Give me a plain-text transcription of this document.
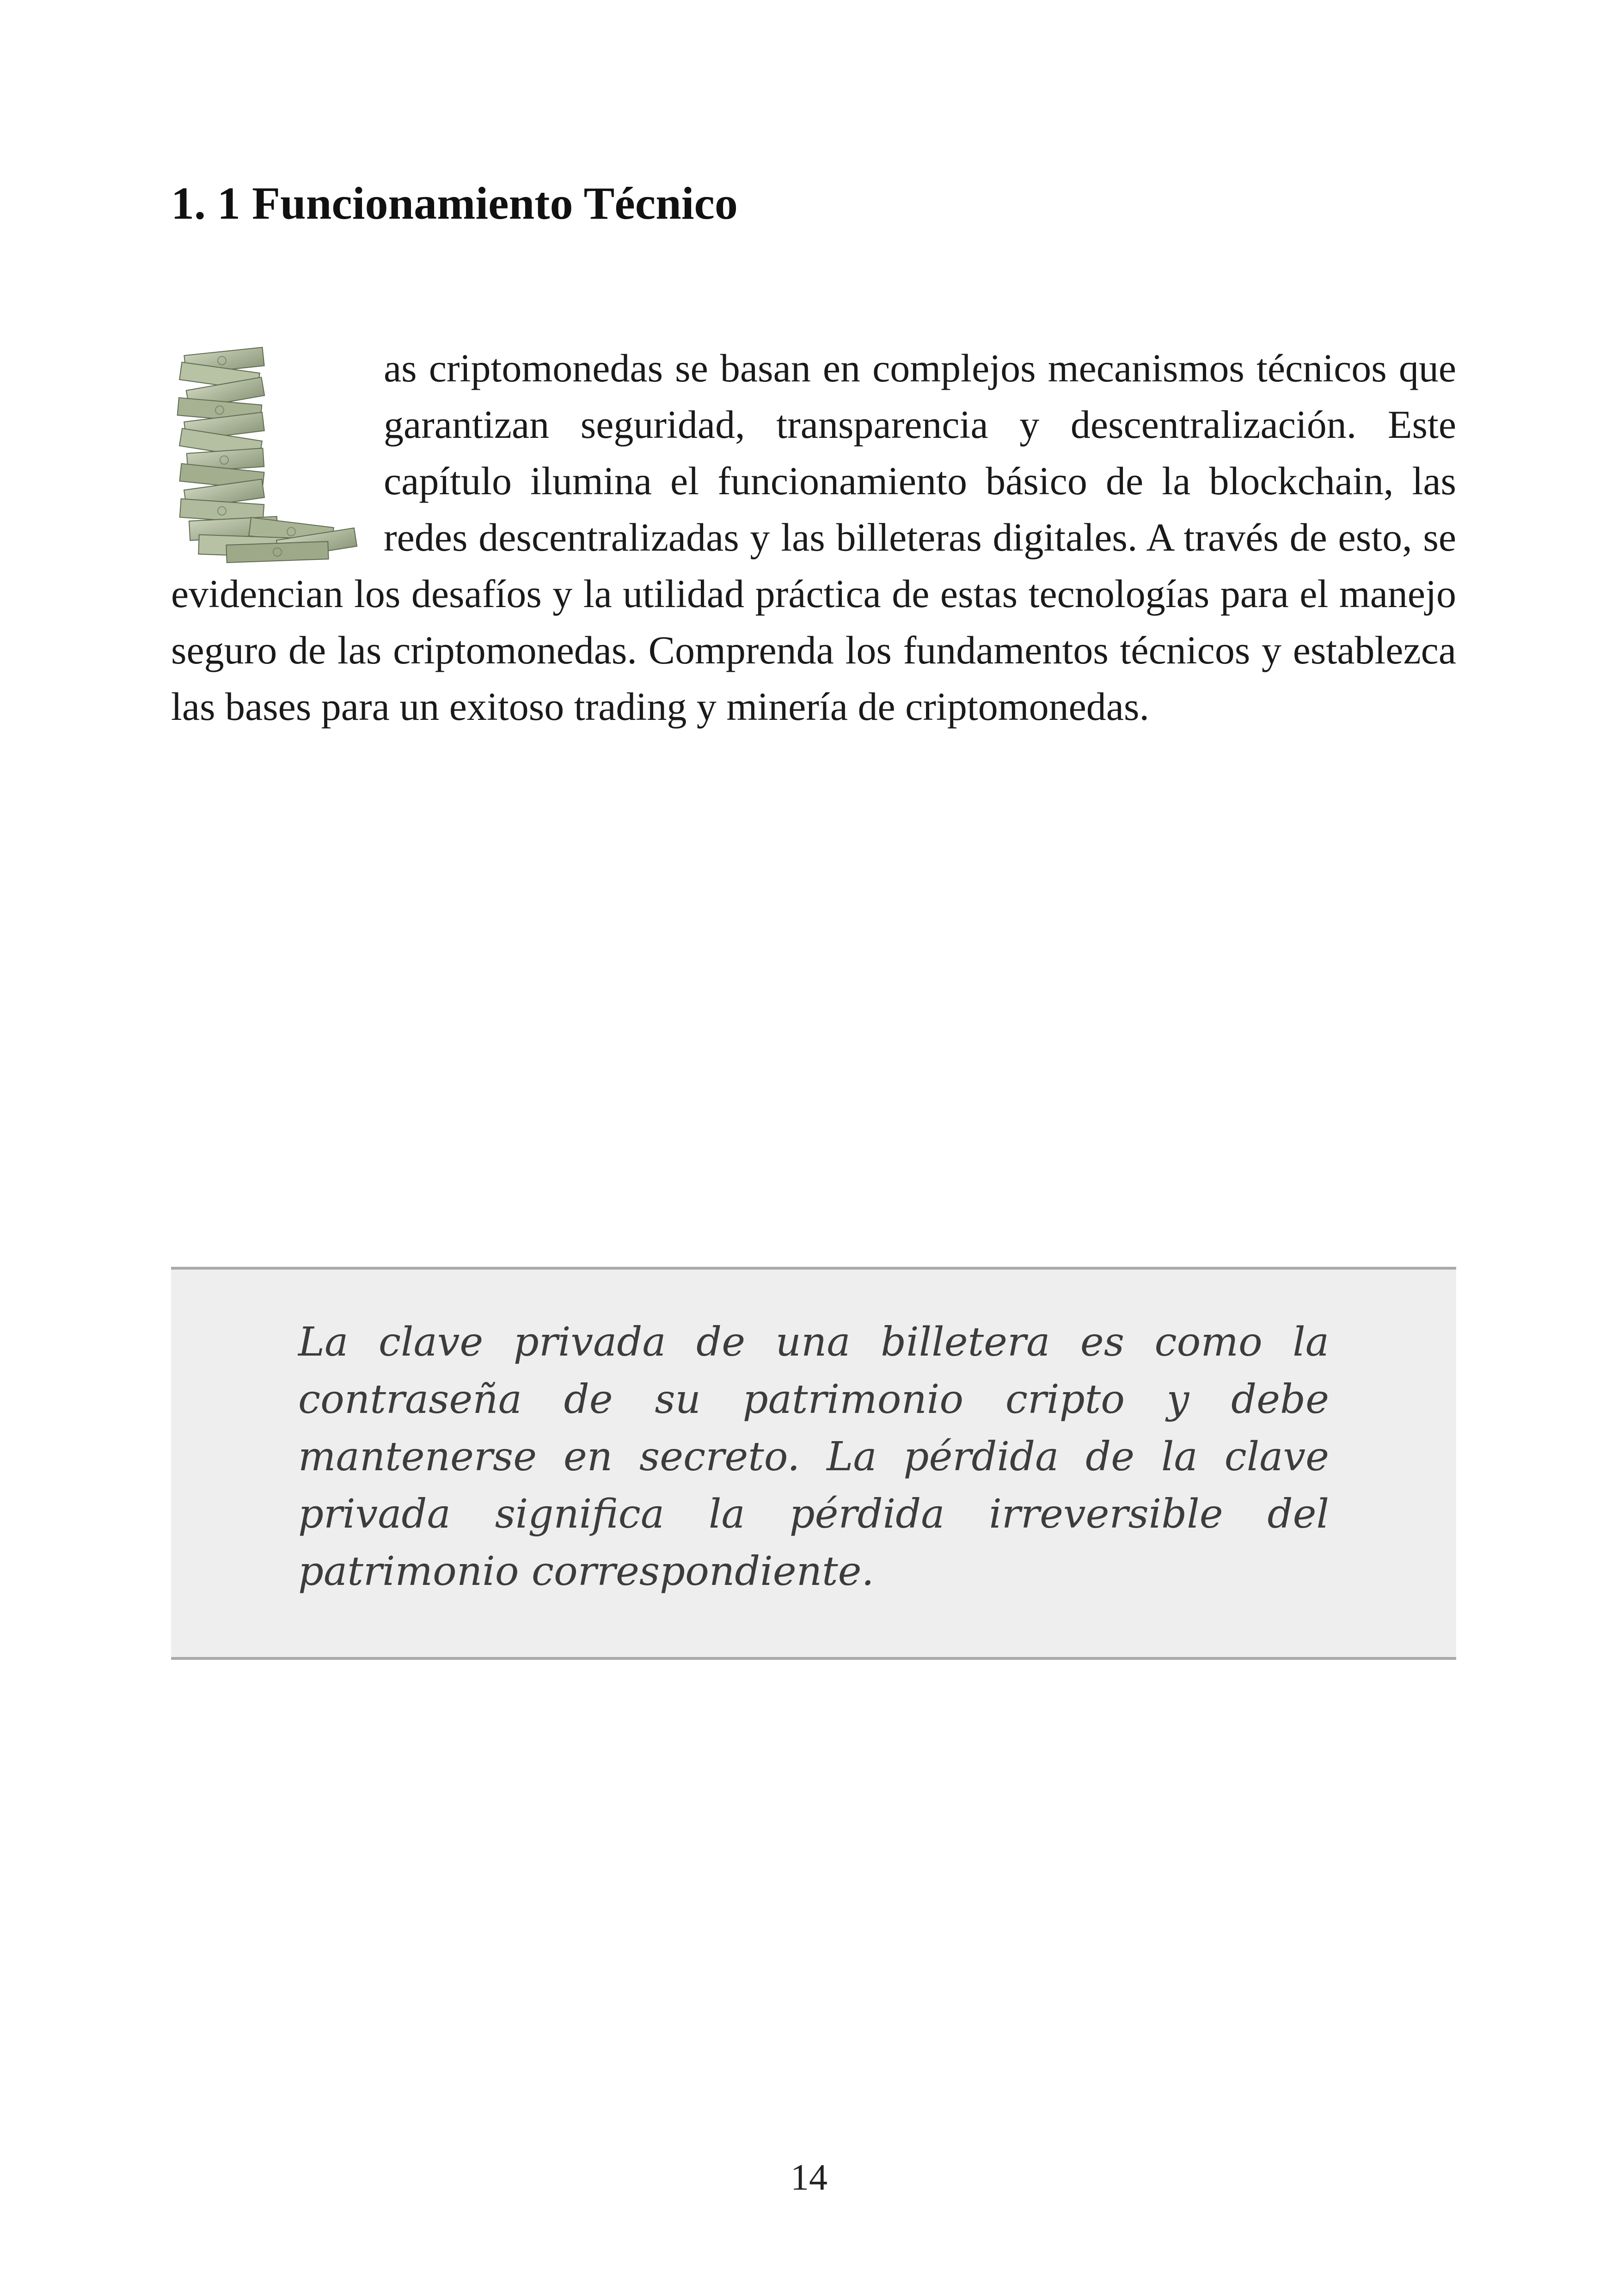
1. 1 Funcionamiento Técnico
as criptomonedas se basan en complejos mecanismos técnicos que garantizan seguridad, transparencia y descentralización. Este capítulo ilumina el funcionamiento básico de la blockchain, las redes descentralizadas y las billeteras digitales. A través de esto, se evidencian los desafíos y la utilidad práctica de estas tecnologías para el manejo seguro de las criptomonedas. Comprenda los fundamentos técnicos y establezca las bases para un exitoso trading y minería de criptomonedas.

La clave privada de una billetera es como la contraseña de su patrimonio cripto y debe mantenerse en secreto. La pérdida de la clave privada significa la pérdida irreversible del patrimonio correspondiente.

14
